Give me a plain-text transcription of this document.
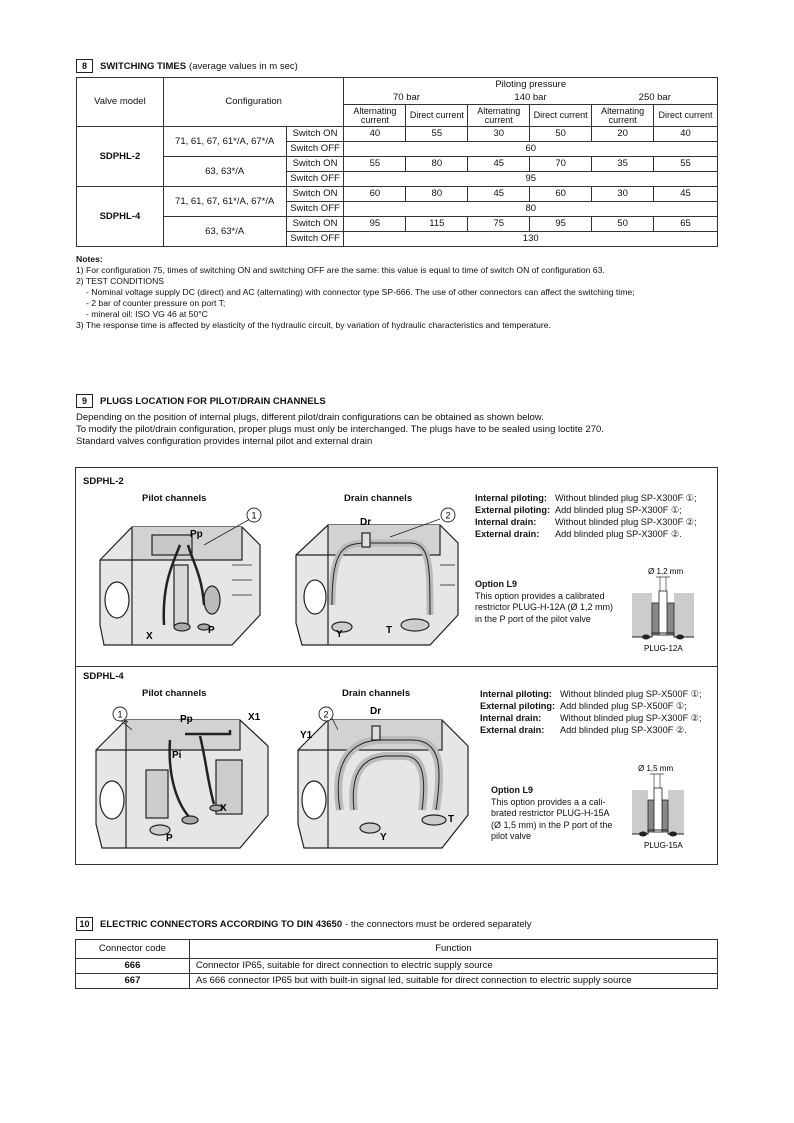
8	SWITCHING TIMES (average values in m sec)
Valve model	Configuration		Piloting pressure
70 bar 140 bar 250 bar					

			Alternating current	Direct current	Alternating current	Direct current	Alternating current	Direct current
SDPHL-2	71, 61, 67, 61*/A, 67*/A	Switch ON	40	55	30	50	20	40
		Switch OFF	60					
	63, 63*/A	Switch ON	55	80	45	70	35	55
		Switch OFF	95					
SDPHL-4	71, 61, 67, 61*/A, 67*/A	Switch ON	60	80	45	60	30	45
		Switch OFF	80					
	63, 63*/A	Switch ON	95	115	75	95	50	65
		Switch OFF	130					

Notes:

1) For configuration 75, times of switching ON and switching OFF are the same: this value is equal to time of switch ON of configuration 63.

2) TEST CONDITIONS

- Nominal voltage supply DC (direct) and AC (alternating) with connector type SP-666. The use of other connectors can affect the switching time;

- 2 bar of counter pressure on port T;

- mineral oil: ISO VG 46 at 50°C

3) The response time is affected by elasticity of the hydraulic circuit, by variation of hydraulic characteristics and temperature.

9	PLUGS LOCATION FOR PILOT/DRAIN CHANNELS

Depending on the position of internal plugs, different pilot/drain configurations can be obtained as shown below.

To modify the pilot/drain configuration, proper plugs must only be interchanged. The plugs have to be sealed using loctite 270.

Standard valves configuration provides internal pilot and external drain

SDPHL-2
Pilot channels	Drain channels
1
Pp
X
P
2
Dr
Y	T
Internal piloting: Without blinded plug SP-X300F ①;
External piloting: Add blinded plug SP-X300F ①;
Internal drain: Without blinded plug SP-X300F ②;
External drain: Add blinded plug SP-X300F ②.

Option L9

This option provides a calibrated

restrictor PLUG-H-12A (Ø 1,2 mm)

in the P port of the pilot valve

Ø 1,2 mm
PLUG-12A
SDPHL-4
Pilot channels	Drain channels
1	Pp
Pi
X1
X
P
2	Dr
Y1
Y
T
Internal piloting: Without blinded plug SP-X500F ①;
External piloting: Add blinded plug SP-X500F ①;
Internal drain: Without blinded plug SP-X300F ②;
External drain: Add blinded plug SP-X300F ②.

Option L9

This option provides a a cali-

brated restrictor PLUG-H-15A

(Ø 1,5 mm) in the P port of the

pilot valve

Ø 1,5 mm
PLUG-15A
10	ELECTRIC CONNECTORS ACCORDING TO DIN 43650 - the connectors must be ordered separately
Connector code	Function
666	Connector IP65, suitable for direct connection to electric supply source
667	As 666 connector IP65 but with built-in signal led, suitable for direct connection to electric supply source
